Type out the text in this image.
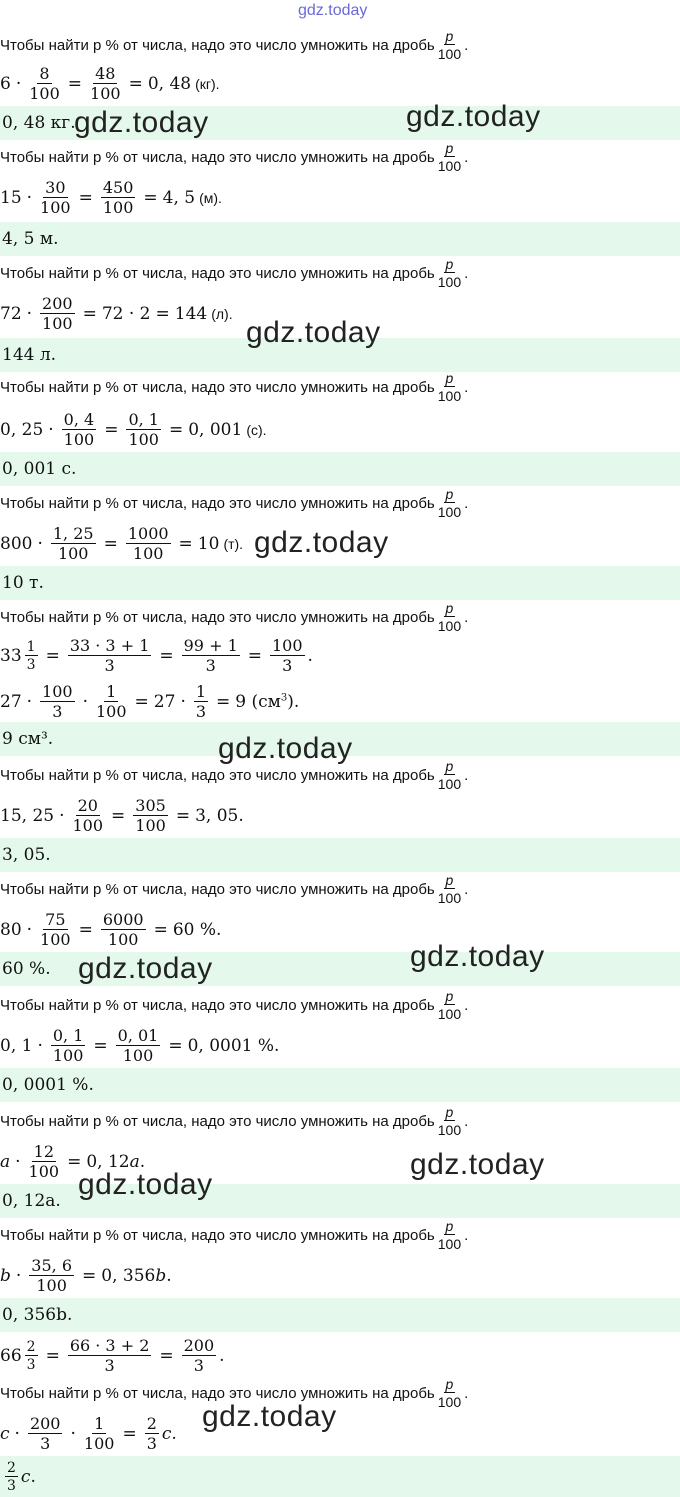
gdz.today
Чтобы найти p % от числа, надо это число умножить на дробь $\frac{p}{100}$ .
$6 \cdot \frac{8}{100} = \frac{48}{100} = 0$, 48 (кг).
0, 48 кг.
Чтобы найти p % от числа, надо это число умножить на дробь $\frac{p}{100}$ .
$15 \cdot \frac{30}{100} = \frac{450}{100} = 4$, 5 (м).
4, 5 м.
Чтобы найти p % от числа, надо это число умножить на дробь $\frac{p}{100}$ .
$72 \cdot \frac{200}{100} = 72 \cdot 2 = 144$ (л).
144 л.
Чтобы найти p % от числа, надо это число умножить на дробь $\frac{p}{100}$ .
0, $25 \cdot \frac{0, 4}{100} = \frac{0, 1}{100} = 0$, 001 (с).
0, 001 с.
Чтобы найти p % от числа, надо это число умножить на дробь $\frac{p}{100}$ .
$800 \cdot \frac{1, 25}{100} = \frac{1000}{100} = 10$ (т).
10 т.
Чтобы найти p % от числа, надо это число умножить на дробь $\frac{p}{100}$ .
$33 \frac{1}{3} = \frac{33 \cdot 3 + 1}{3} = \frac{99 + 1}{3} = \frac{100}{3}$ .
$27 \cdot \frac{100}{3} \cdot \frac{1}{100} = 27 \cdot \frac{1}{3} = 9$ $(см^3)$.
9 см³.
Чтобы найти p % от числа, надо это число умножить на дробь $\frac{p}{100}$ .
15, $25 \cdot \frac{20}{100} = \frac{305}{100} = 3$, 05.
3, 05.
Чтобы найти p % от числа, надо это число умножить на дробь $\frac{p}{100}$ .
$80 \cdot \frac{75}{100} = \frac{6000}{100} = 60$ %.
60 %.
Чтобы найти p % от числа, надо это число умножить на дробь $\frac{p}{100}$ .
0, $1 \cdot \frac{0, 1}{100} = \frac{0, 01}{100} = 0$, 0001 %.
0, 0001 %.
Чтобы найти p % от числа, надо это число умножить на дробь $\frac{p}{100}$ .
$a \cdot \frac{12}{100} = 0$, 12a.
0, 12a.
Чтобы найти p % от числа, надо это число умножить на дробь $\frac{p}{100}$ .
$b \cdot \frac{35, 6}{100} = 0$, 356b.
0, 356b.
$66 \frac{2}{3} = \frac{66 \cdot 3 + 2}{3} = \frac{200}{3}$ .
Чтобы найти p % от числа, надо это число умножить на дробь $\frac{p}{100}$ .
$c \cdot \frac{200}{3} \cdot \frac{1}{100} = \frac{2}{3}$ c .
$\frac{2}{3}$ c .
gdz.today	gdz.today
gdz.today
gdz.today
gdz.today
gdz.today	gdz.today
gdz.today
gdz.today
gdz.today
